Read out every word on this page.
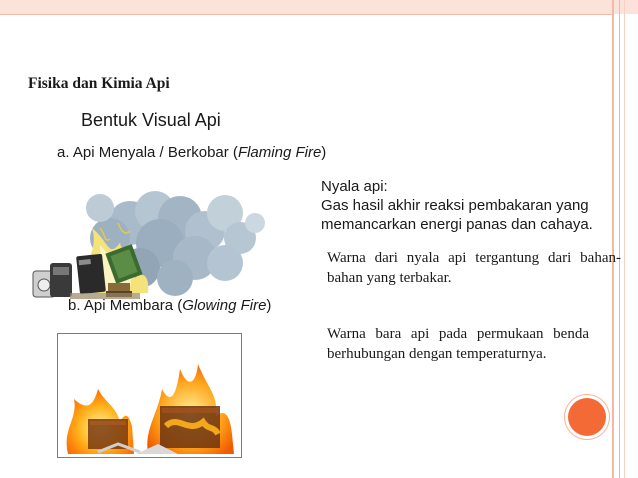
Fisika dan Kimia Api
Bentuk Visual Api
a. Api Menyala / Berkobar (Flaming Fire)
b. Api Membara (Glowing Fire)
Nyala api:
Gas hasil akhir reaksi pembakaran yang
memancarkan energi panas dan cahaya.
Warna dari nyala api tergantung dari bahan- bahan yang terbakar.
Warna bara api pada permukaan benda berhubungan dengan temperaturnya.
